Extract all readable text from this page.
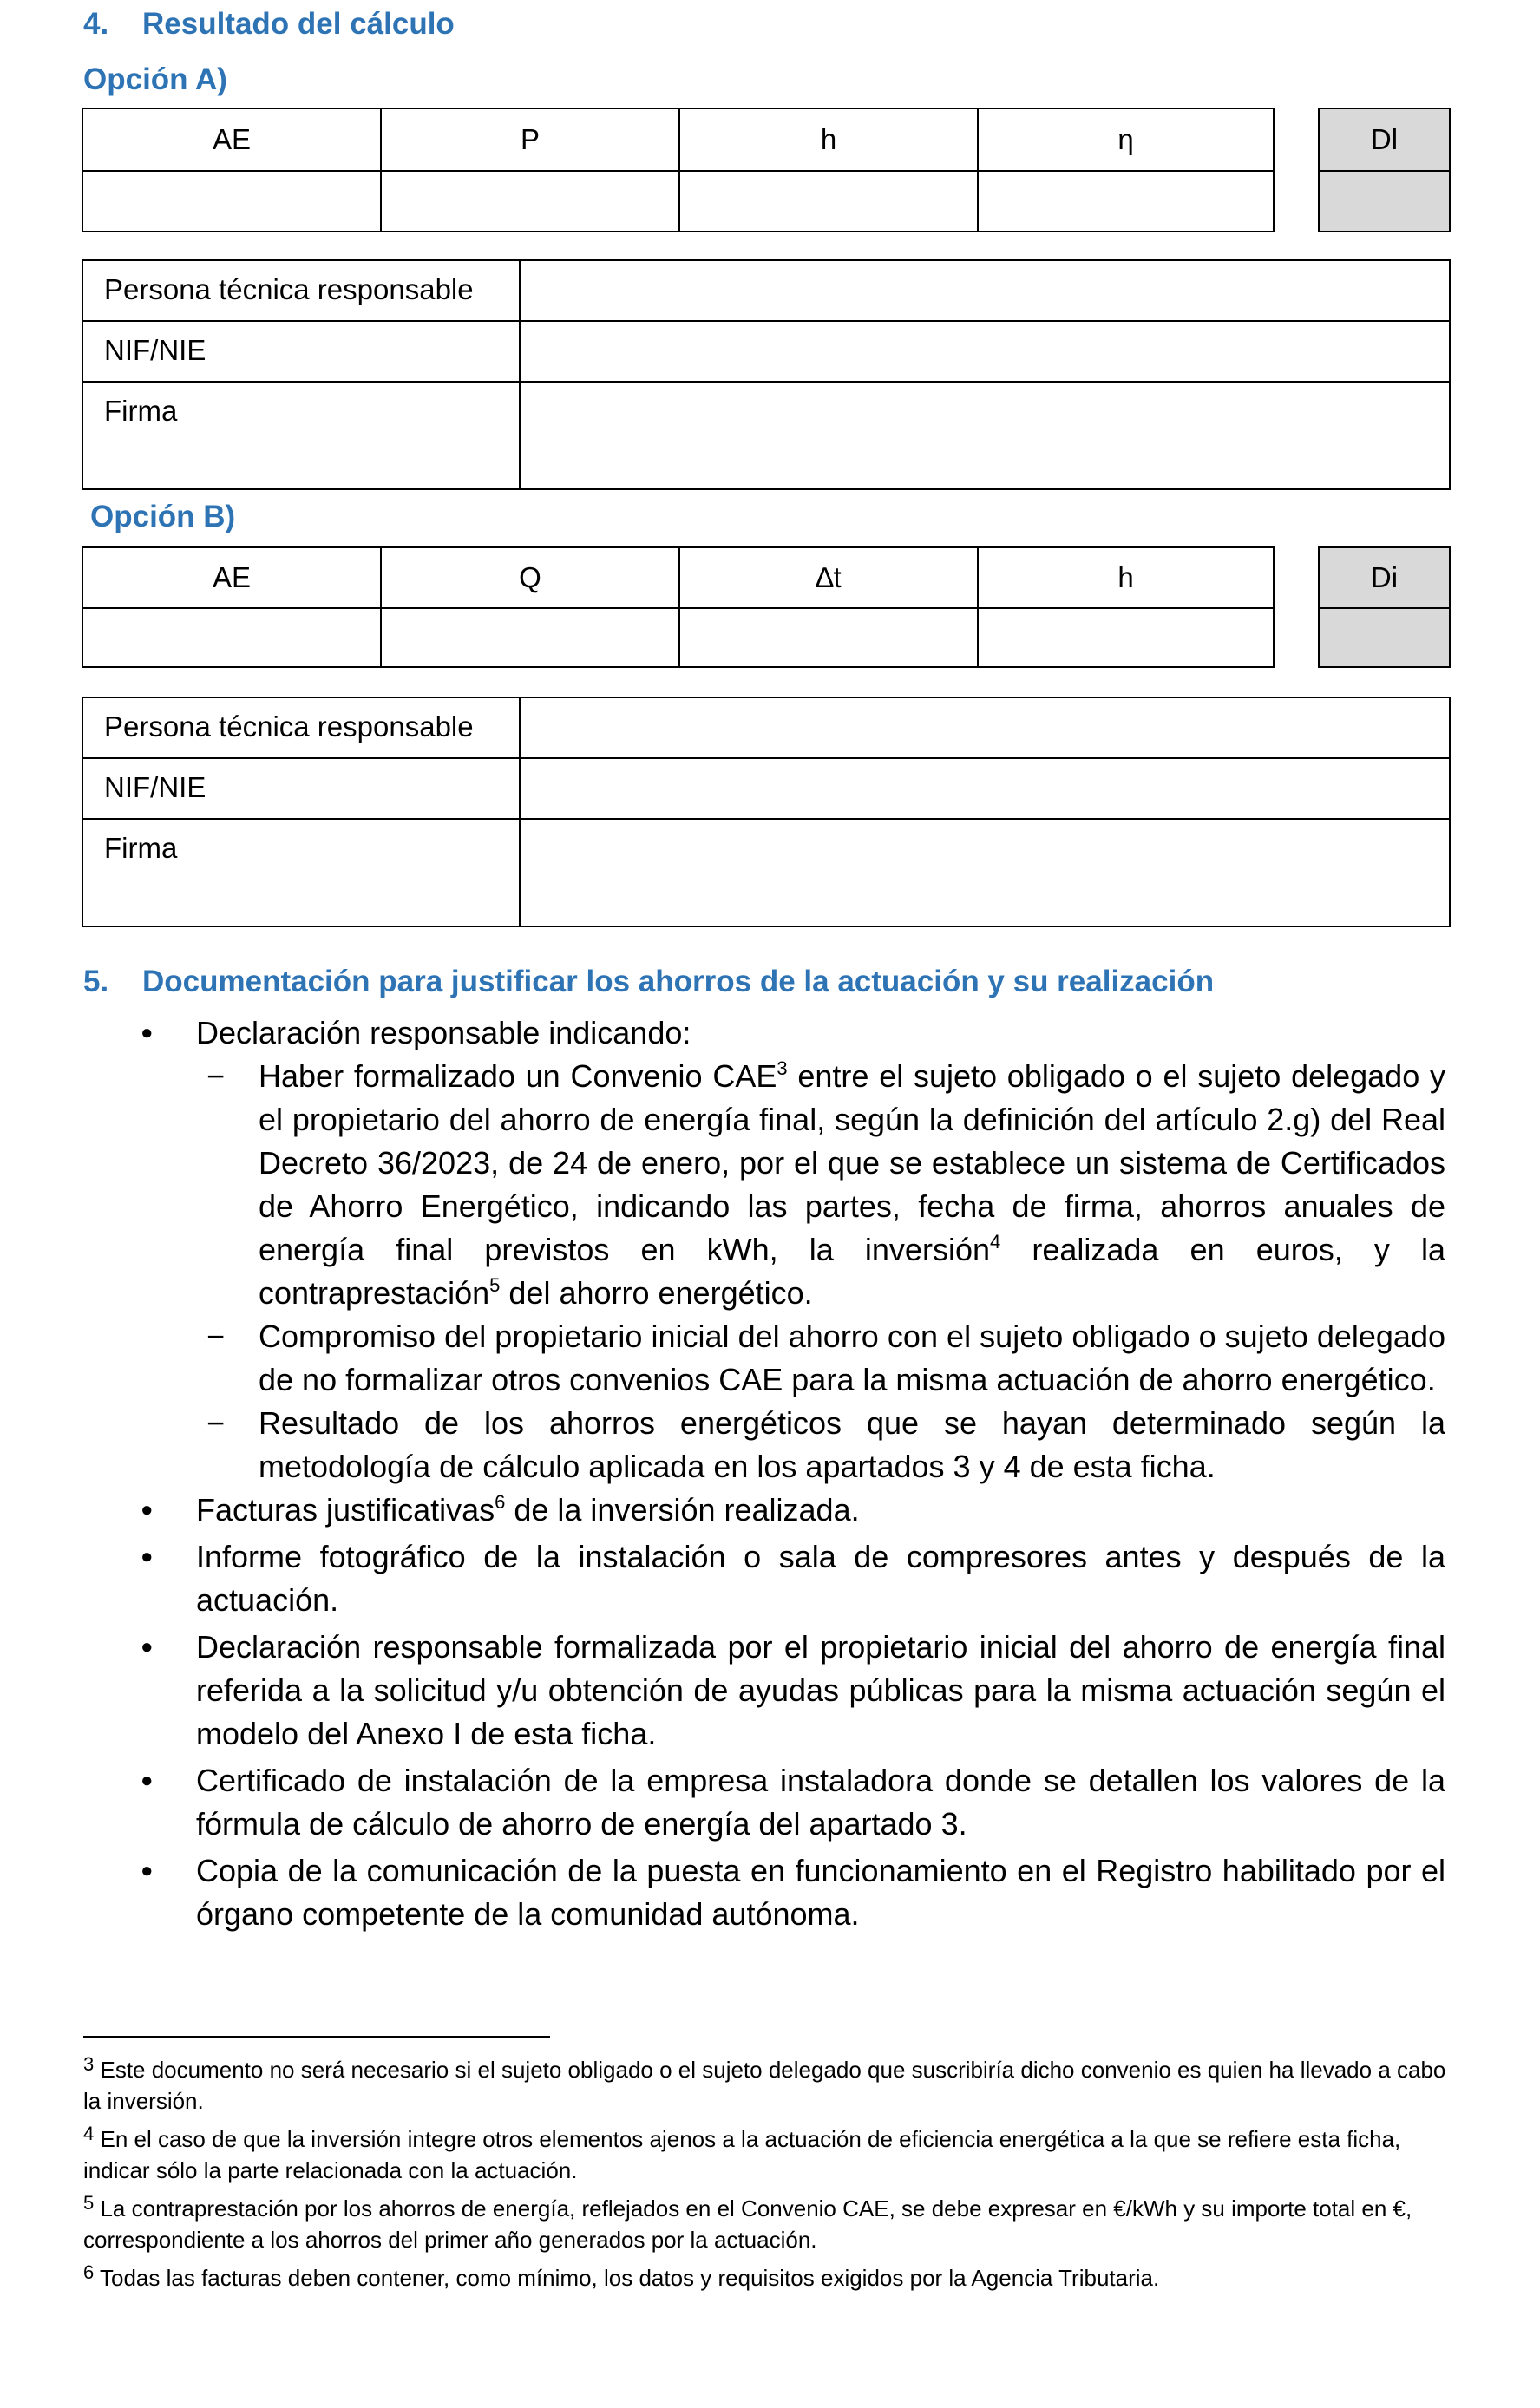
4. Resultado del cálculo
Opción A)
AE	P	h	η		Dl

Persona técnica responsable	
NIF/NIE	
Firma	
Opción B)
AE	Q	∆t	h		Di

Persona técnica responsable	
NIF/NIE	
Firma	
5. Documentación para justificar los ahorros de la actuación y su realización
● Declaración responsable indicando:
− Haber formalizado un Convenio CAE$^3$ entre el sujeto obligado o el sujeto delegado y el propietario del ahorro de energía final, según la definición del artículo 2.g) del Real Decreto 36/2023, de 24 de enero, por el que se establece un sistema de Certificados de Ahorro Energético, indicando las partes, fecha de firma, ahorros anuales de energía final previstos en kWh, la inversión$^4$ realizada en euros, y la contraprestación$^5$ del ahorro energético.
− Compromiso del propietario inicial del ahorro con el sujeto obligado o sujeto delegado de no formalizar otros convenios CAE para la misma actuación de ahorro energético.
− Resultado de los ahorros energéticos que se hayan determinado según la metodología de cálculo aplicada en los apartados 3 y 4 de esta ficha.
● Facturas justificativas$^6$ de la inversión realizada.
● Informe fotográfico de la instalación o sala de compresores antes y después de la actuación.
● Declaración responsable formalizada por el propietario inicial del ahorro de energía final referida a la solicitud y/u obtención de ayudas públicas para la misma actuación según el modelo del Anexo I de esta ficha.
● Certificado de instalación de la empresa instaladora donde se detallen los valores de la fórmula de cálculo de ahorro de energía del apartado 3.
● Copia de la comunicación de la puesta en funcionamiento en el Registro habilitado por el órgano competente de la comunidad autónoma.

$^3$ Este documento no será necesario si el sujeto obligado o el sujeto delegado que suscribiría dicho convenio es quien ha llevado a cabo la inversión.

$^4$ En el caso de que la inversión integre otros elementos ajenos a la actuación de eficiencia energética a la que se refiere esta ficha, indicar sólo la parte relacionada con la actuación.

$^5$ La contraprestación por los ahorros de energía, reflejados en el Convenio CAE, se debe expresar en €/kWh y su importe total en €, correspondiente a los ahorros del primer año generados por la actuación.

$^6$ Todas las facturas deben contener, como mínimo, los datos y requisitos exigidos por la Agencia Tributaria.
